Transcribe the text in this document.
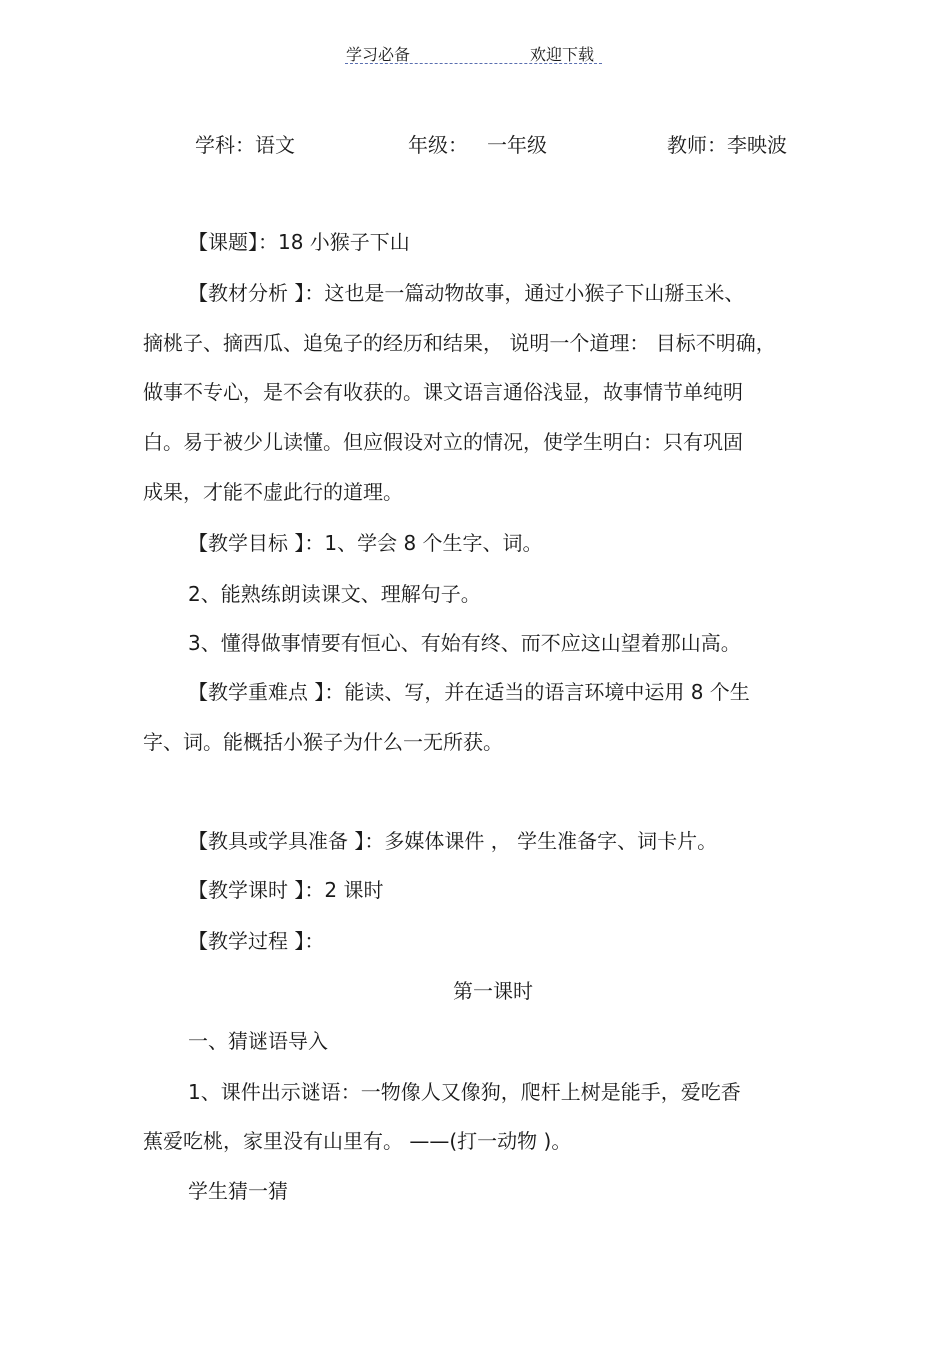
学习必备	欢迎下载
学科：语文	年级： 一年级	教师：李映波
【课题】：18 小猴子下山
【教材分析 】：这也是一篇动物故事，通过小猴子下山掰玉米、
摘桃子、摘西瓜、追兔子的经历和结果， 说明一个道理： 目标不明确，
做事不专心，是不会有收获的。课文语言通俗浅显，故事情节单纯明
白。易于被少儿读懂。但应假设对立的情况，使学生明白：只有巩固
成果，才能不虚此行的道理。
【教学目标 】：1、学会 8 个生字、词。
2、能熟练朗读课文、理解句子。
3、懂得做事情要有恒心、有始有终、而不应这山望着那山高。
【教学重难点 】：能读、写，并在适当的语言环境中运用 8 个生
字、词。能概括小猴子为什么一无所获。
【教具或学具准备 】：多媒体课件 ， 学生准备字、词卡片。
【教学课时 】：2 课时
【教学过程 】：
第一课时
一、猜谜语导入
1、课件出示谜语：一物像人又像狗，爬杆上树是能手，爱吃香
蕉爱吃桃，家里没有山里有。 ——(打一动物 )。
学生猜一猜
